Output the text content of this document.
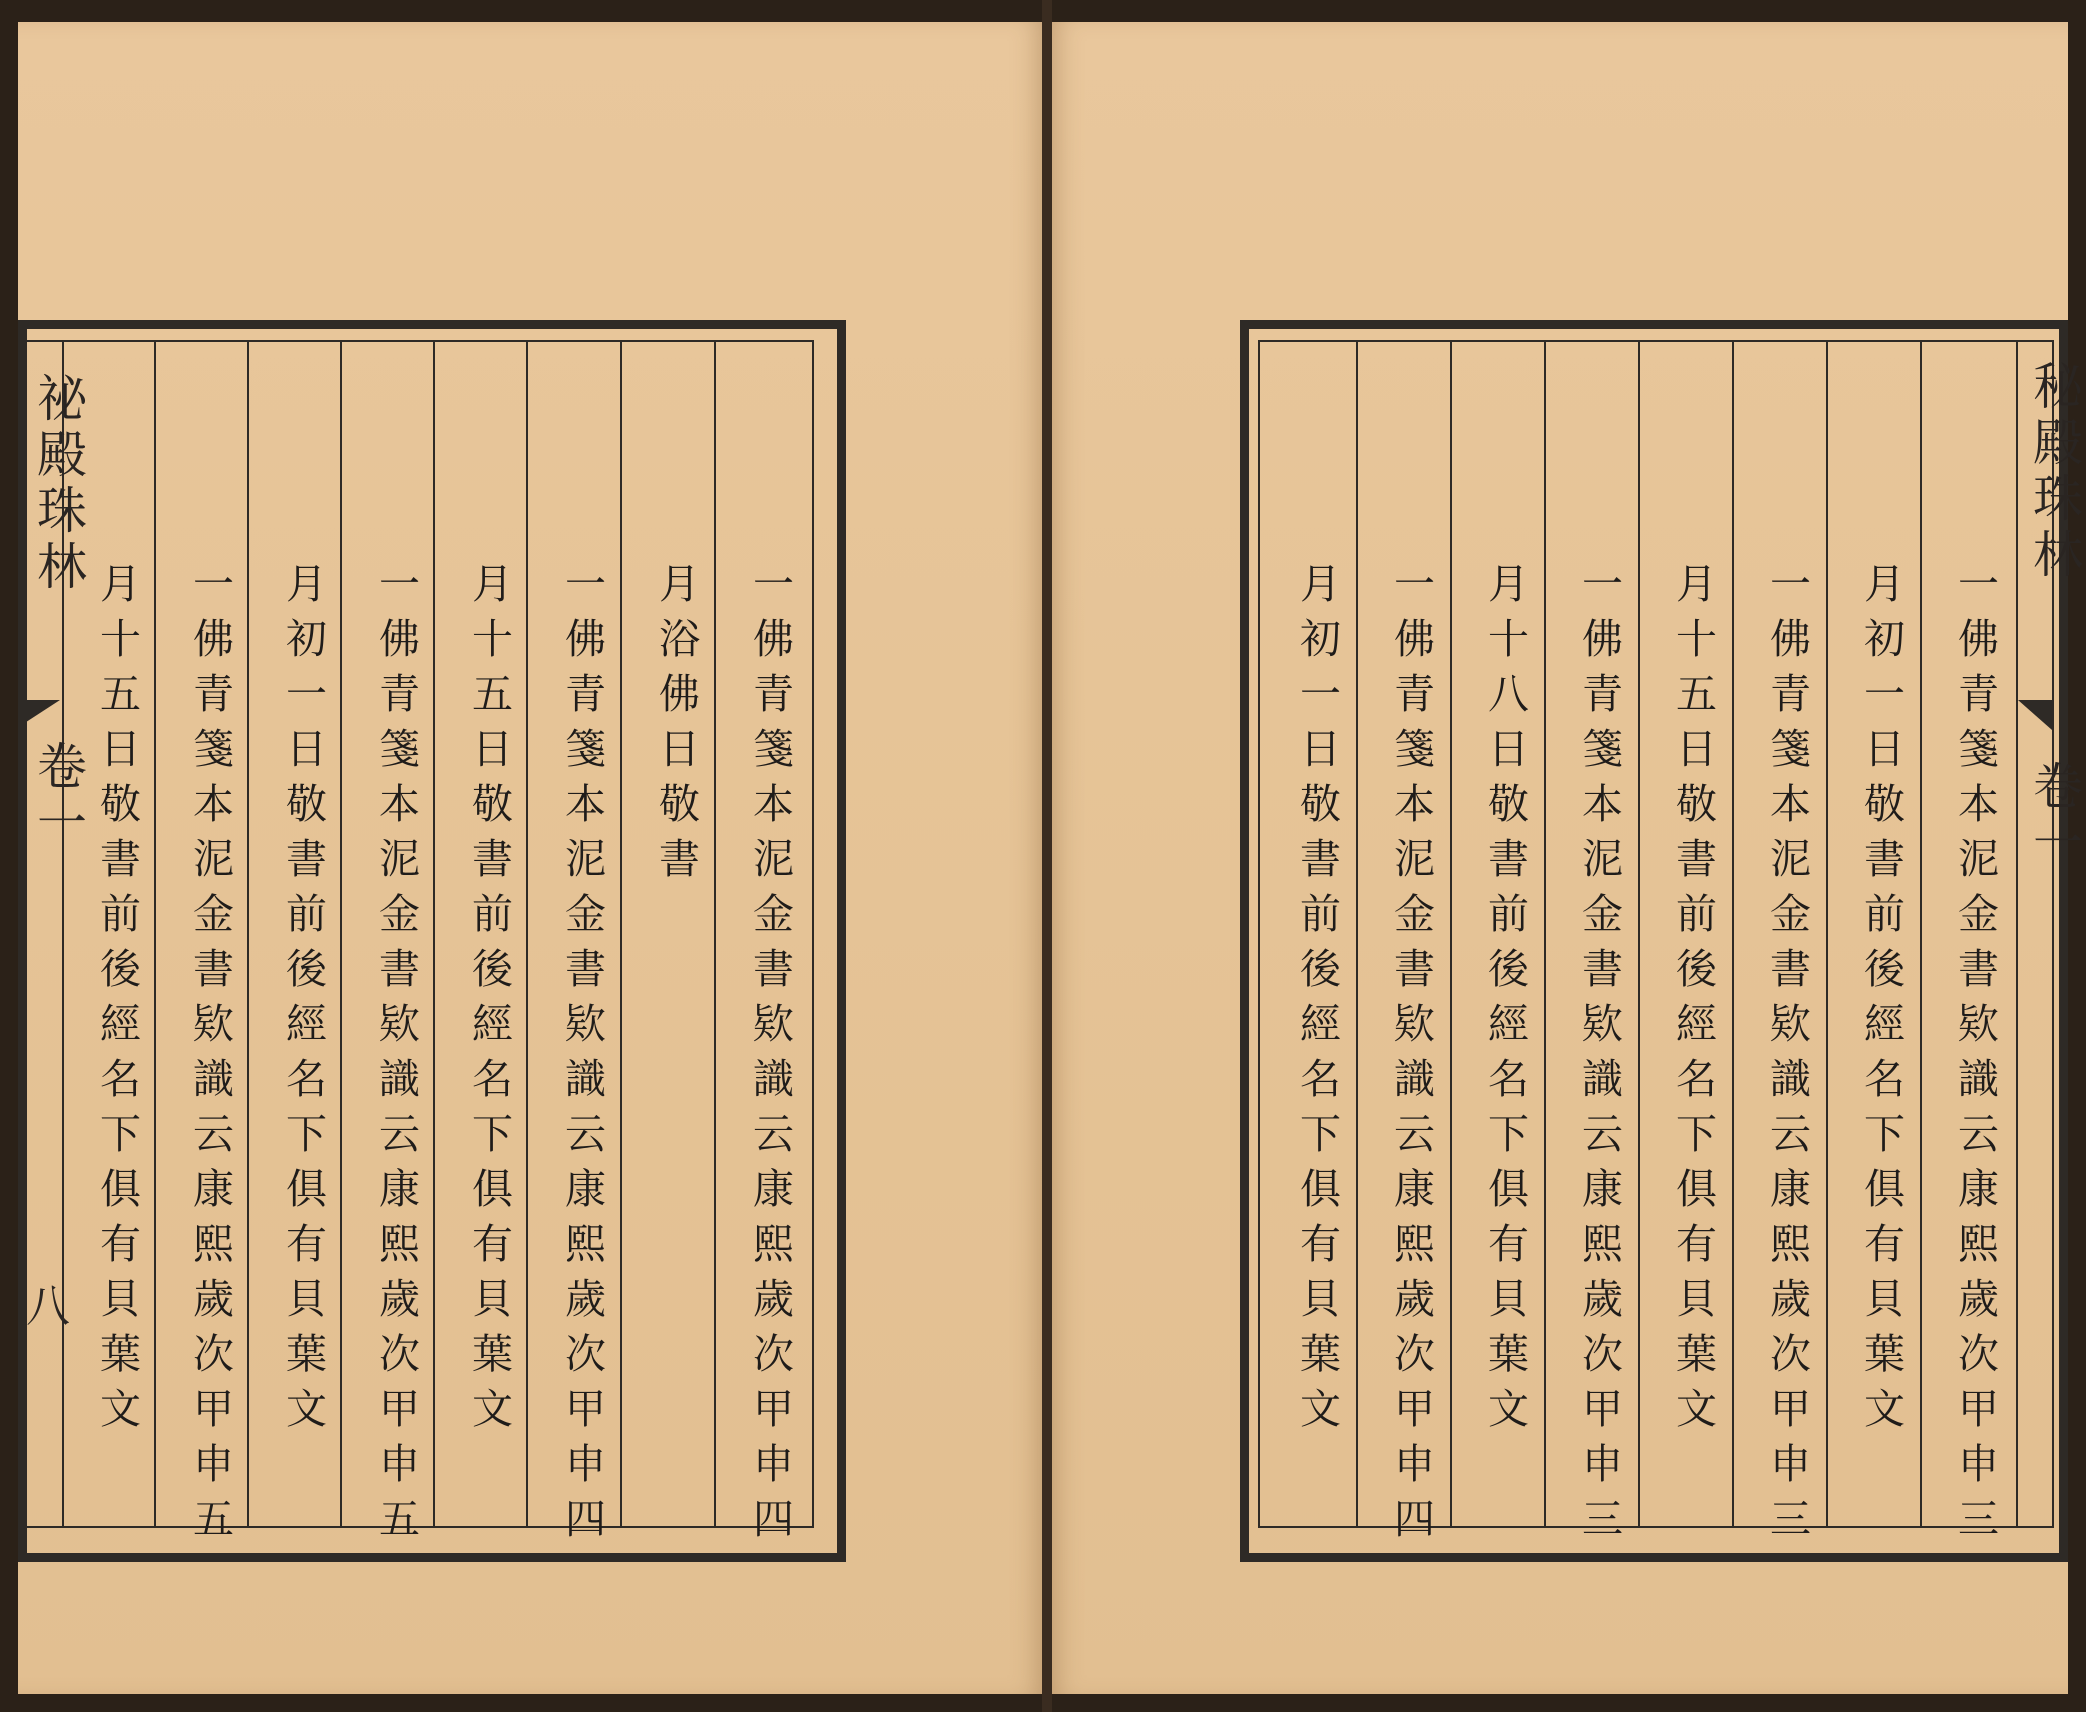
祕殿珠林
卷一
八	一佛青箋本泥金書欵識云康熙歲次甲申四
月浴佛日敬書
一佛青箋本泥金書欵識云康熙歲次甲申四
月十五日敬書前後經名下俱有貝葉文
一佛青箋本泥金書欵識云康熙歲次甲申五
月初一日敬書前後經名下俱有貝葉文
一佛青箋本泥金書欵識云康熙歲次甲申五
月十五日敬書前後經名下俱有貝葉文
秘殿珠林
卷一
一佛青箋本泥金書欵識云康熙歲次甲申三
月初一日敬書前後經名下俱有貝葉文
一佛青箋本泥金書欵識云康熙歲次甲申三
月十五日敬書前後經名下俱有貝葉文
一佛青箋本泥金書欵識云康熙歲次甲申三
月十八日敬書前後經名下俱有貝葉文
一佛青箋本泥金書欵識云康熙歲次甲申四
月初一日敬書前後經名下俱有貝葉文
